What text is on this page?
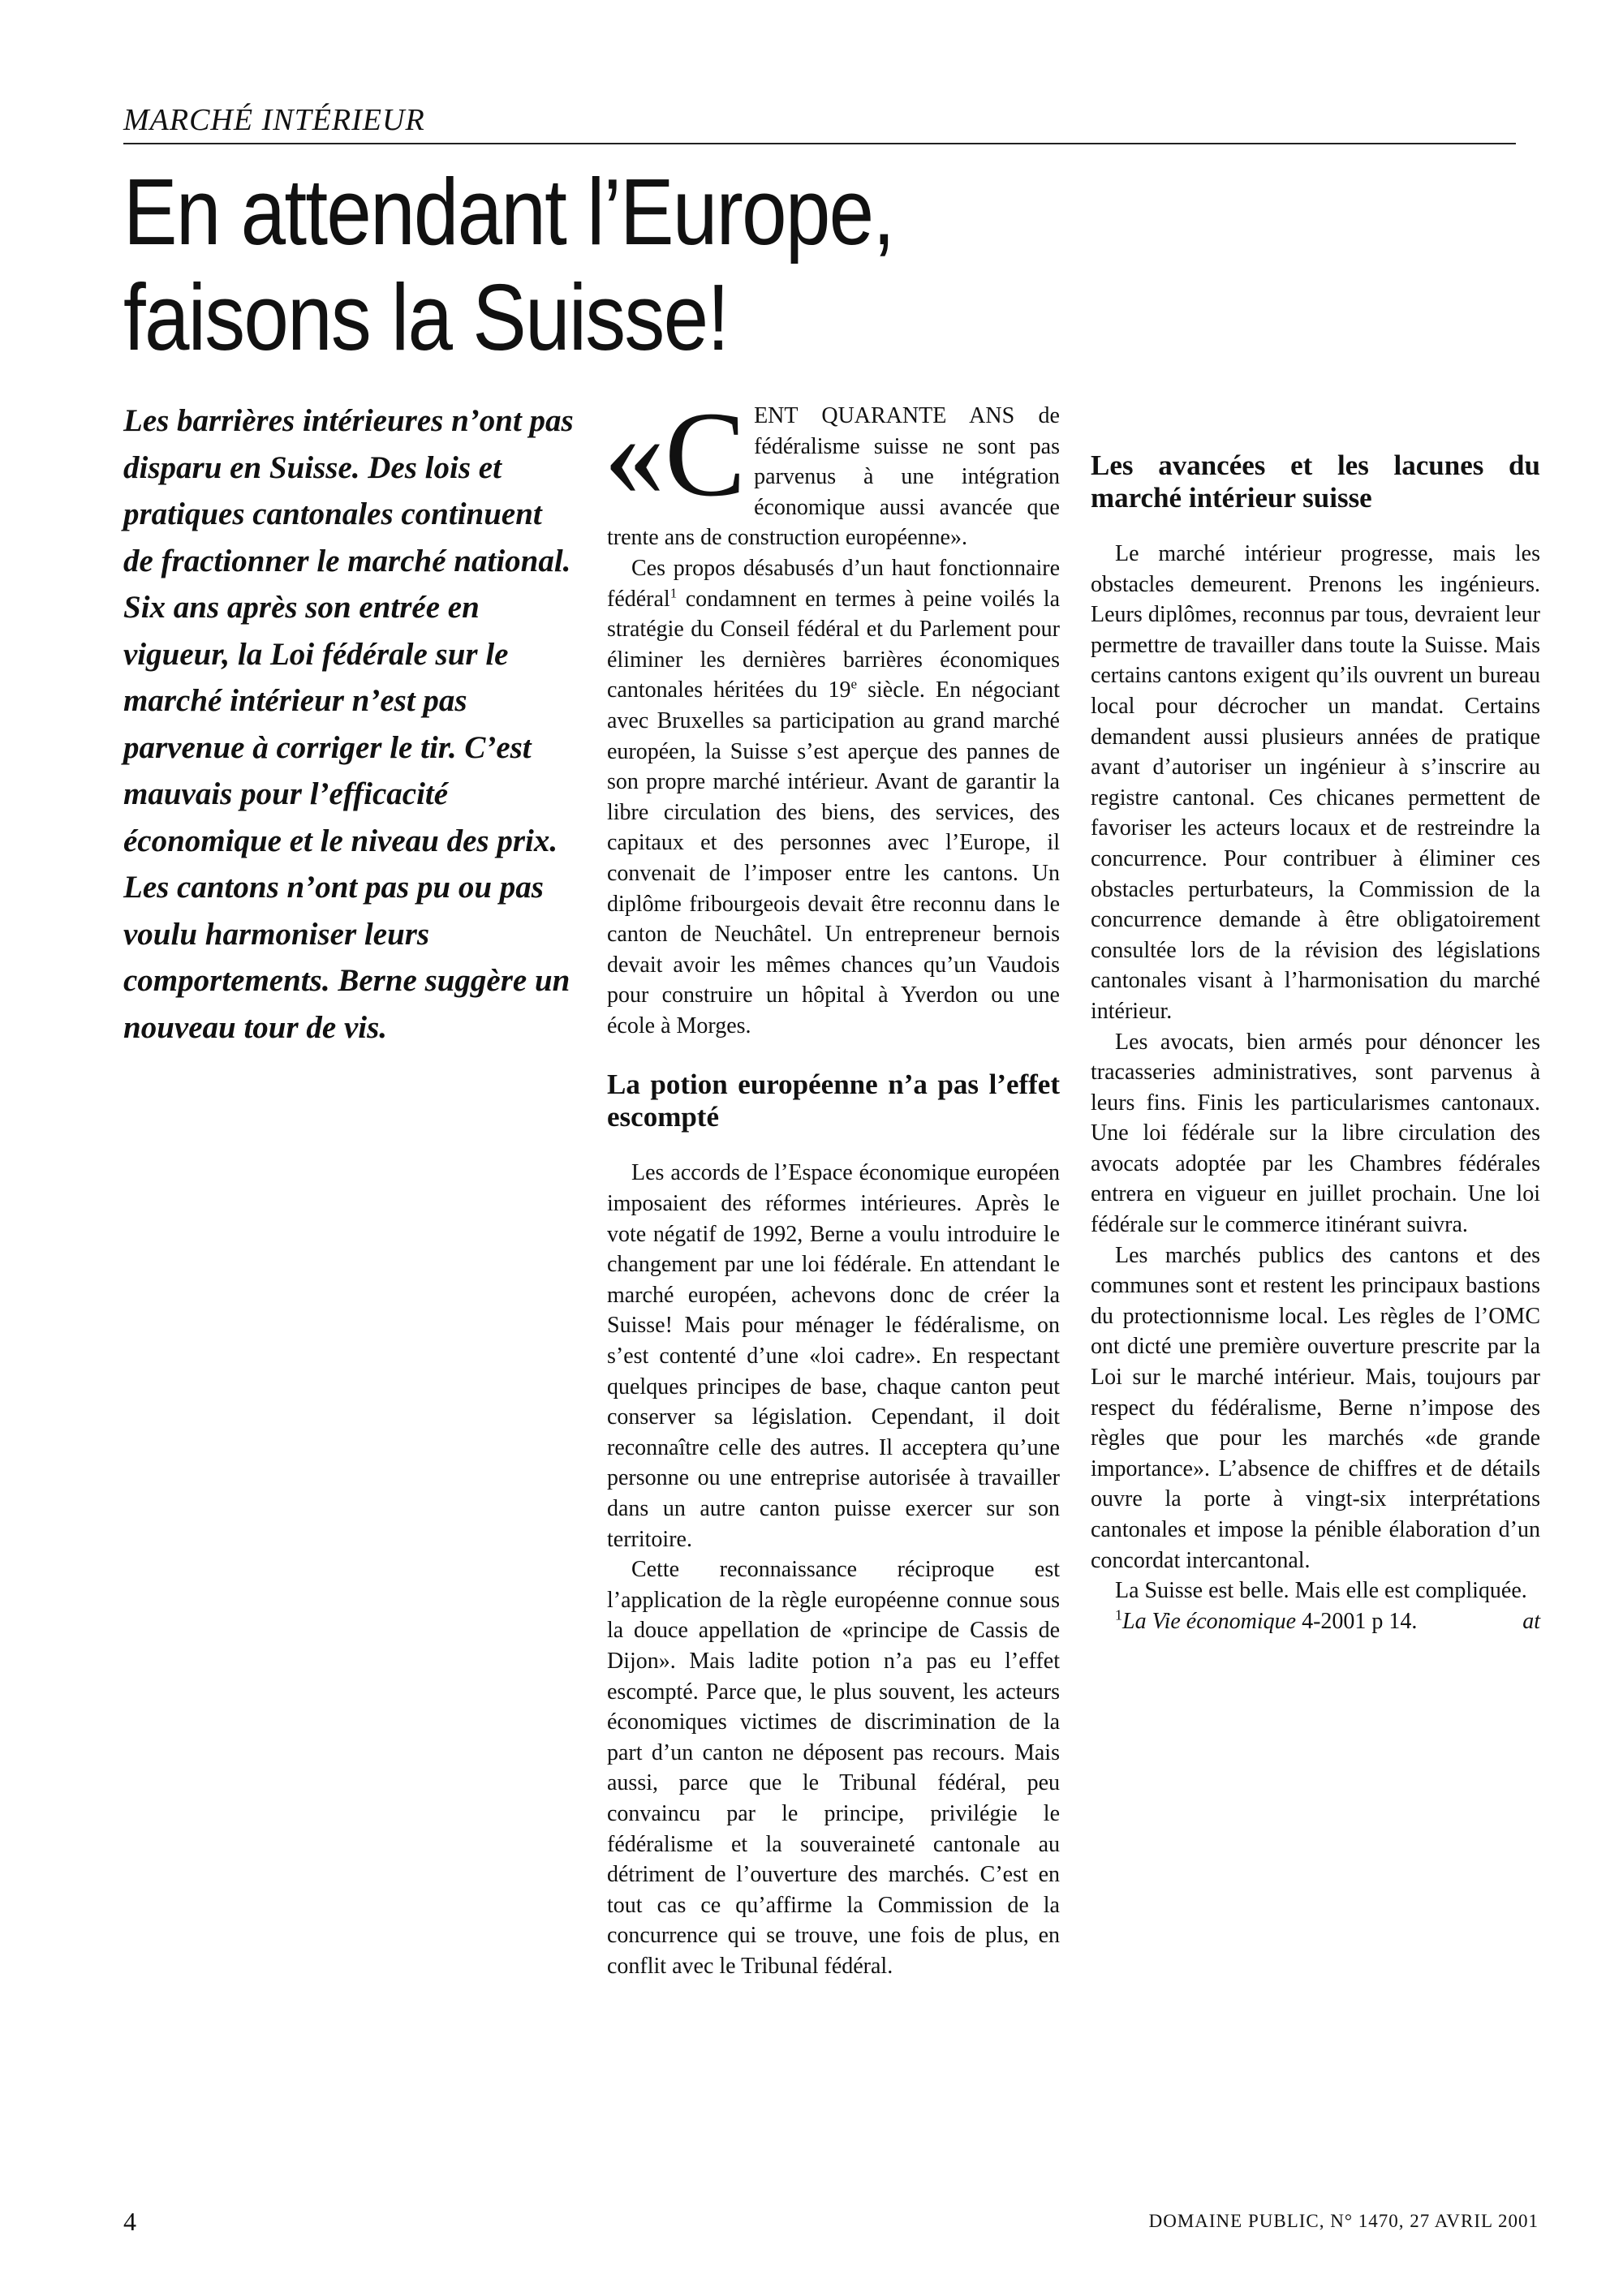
MARCHÉ INTÉRIEUR
En attendant l’Europe,
faisons la Suisse!

Les barrières intérieures n’ont pas disparu en Suisse. Des lois et pratiques cantonales continuent de fractionner le marché national. Six ans après son entrée en vigueur, la Loi fédérale sur le marché intérieur n’est pas parvenue à corriger le tir. C’est mauvais pour l’efficacité économique et le niveau des prix. Les cantons n’ont pas pu ou pas voulu harmoniser leurs comportements. Berne suggère un nouveau tour de vis.

«CENT QUARANTE ANS de fédéralisme suisse ne sont pas parvenus à une intégration économique aussi avancée que trente ans de construction européenne».

Ces propos désabusés d’un haut fonctionnaire fédéral$^1$ condamnent en termes à peine voilés la stratégie du Conseil fédéral et du Parlement pour éliminer les dernières barrières économiques cantonales héritées du 19e siècle. En négociant avec Bruxelles sa participation au grand marché européen, la Suisse s’est aperçue des pannes de son propre marché intérieur. Avant de garantir la libre circulation des biens, des services, des capitaux et des personnes avec l’Europe, il convenait de l’imposer entre les cantons. Un diplôme fribourgeois devait être reconnu dans le canton de Neuchâtel. Un entrepreneur bernois devait avoir les mêmes chances qu’un Vaudois pour construire un hôpital à Yverdon ou une école à Morges.

La potion européenne n’a pas l’effet escompté

Les accords de l’Espace économique européen imposaient des réformes intérieures. Après le vote négatif de 1992, Berne a voulu introduire le changement par une loi fédérale. En attendant le marché européen, achevons donc de créer la Suisse! Mais pour ménager le fédéralisme, on s’est contenté d’une «loi cadre». En respectant quelques principes de base, chaque canton peut conserver sa législation. Cependant, il doit reconnaître celle des autres. Il acceptera qu’une personne ou une entreprise autorisée à travailler dans un autre canton puisse exercer sur son territoire.

Cette reconnaissance réciproque est l’application de la règle européenne connue sous la douce appellation de «principe de Cassis de Dijon». Mais ladite potion n’a pas eu l’effet escompté. Parce que, le plus souvent, les acteurs économiques victimes de discrimination de la part d’un canton ne déposent pas recours. Mais aussi, parce que le Tribunal fédéral, peu convaincu par le principe, privilégie le fédéralisme et la souveraineté cantonale au détriment de l’ouverture des marchés. C’est en tout cas ce qu’affirme la Commission de la concurrence qui se trouve, une fois de plus, en conflit avec le Tribunal fédéral.

Les avancées et les lacunes du marché intérieur suisse

Le marché intérieur progresse, mais les obstacles demeurent. Prenons les ingénieurs. Leurs diplômes, reconnus par tous, devraient leur permettre de travailler dans toute la Suisse. Mais certains cantons exigent qu’ils ouvrent un bureau local pour décrocher un mandat. Certains demandent aussi plusieurs années de pratique avant d’autoriser un ingénieur à s’inscrire au registre cantonal. Ces chicanes permettent de favoriser les acteurs locaux et de restreindre la concurrence. Pour contribuer à éliminer ces obstacles perturbateurs, la Commission de la concurrence demande à être obligatoirement consultée lors de la révision des législations cantonales visant à l’harmonisation du marché intérieur.

Les avocats, bien armés pour dénoncer les tracasseries administratives, sont parvenus à leurs fins. Finis les particularismes cantonaux. Une loi fédérale sur la libre circulation des avocats adoptée par les Chambres fédérales entrera en vigueur en juillet prochain. Une loi fédérale sur le commerce itinérant suivra.

Les marchés publics des cantons et des communes sont et restent les principaux bastions du protectionnisme local. Les règles de l’OMC ont dicté une première ouverture prescrite par la Loi sur le marché intérieur. Mais, toujours par respect du fédéralisme, Berne n’impose des règles que pour les marchés «de grande importance». L’absence de chiffres et de détails ouvre la porte à vingt-six interprétations cantonales et impose la pénible élaboration d’un concordat intercantonal.

La Suisse est belle. Mais elle est compliquée.
at

$^1$La Vie économique 4-2001 p 14.

4	DOMAINE PUBLIC, N° 1470, 27 AVRIL 2001
